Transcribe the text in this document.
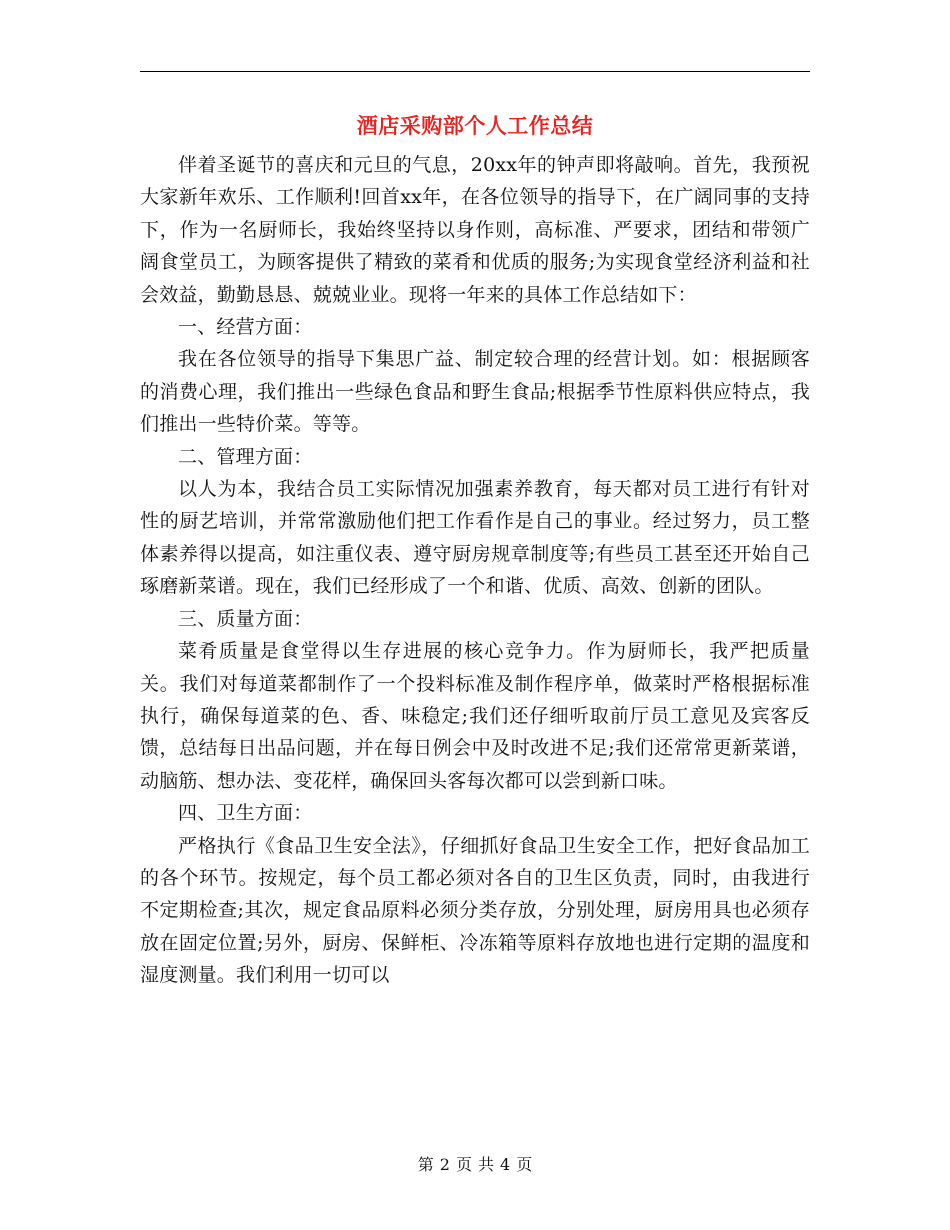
酒店采购部个人工作总结

伴着圣诞节的喜庆和元旦的气息，20xx年的钟声即将敲响。首先，我预祝大家新年欢乐、工作顺利!回首xx年，在各位领导的指导下，在广阔同事的支持下，作为一名厨师长，我始终坚持以身作则，高标准、严要求，团结和带领广阔食堂员工，为顾客提供了精致的菜肴和优质的服务;为实现食堂经济利益和社会效益，勤勤恳恳、兢兢业业。现将一年来的具体工作总结如下：

一、经营方面：

我在各位领导的指导下集思广益、制定较合理的经营计划。如：根据顾客的消费心理，我们推出一些绿色食品和野生食品;根据季节性原料供应特点，我们推出一些特价菜。等等。

二、管理方面：

以人为本，我结合员工实际情况加强素养教育，每天都对员工进行有针对性的厨艺培训，并常常激励他们把工作看作是自己的事业。经过努力，员工整体素养得以提高，如注重仪表、遵守厨房规章制度等;有些员工甚至还开始自己琢磨新菜谱。现在，我们已经形成了一个和谐、优质、高效、创新的团队。

三、质量方面：

菜肴质量是食堂得以生存进展的核心竞争力。作为厨师长，我严把质量关。我们对每道菜都制作了一个投料标准及制作程序单，做菜时严格根据标准执行，确保每道菜的色、香、味稳定;我们还仔细听取前厅员工意见及宾客反馈，总结每日出品问题，并在每日例会中及时改进不足;我们还常常更新菜谱，动脑筋、想办法、变花样，确保回头客每次都可以尝到新口味。

四、卫生方面：

严格执行《食品卫生安全法》，仔细抓好食品卫生安全工作，把好食品加工的各个环节。按规定，每个员工都必须对各自的卫生区负责，同时，由我进行不定期检查;其次，规定食品原料必须分类存放，分别处理，厨房用具也必须存放在固定位置;另外，厨房、保鲜柜、冷冻箱等原料存放地也进行定期的温度和湿度测量。我们利用一切可以

第 2 页 共 4 页
